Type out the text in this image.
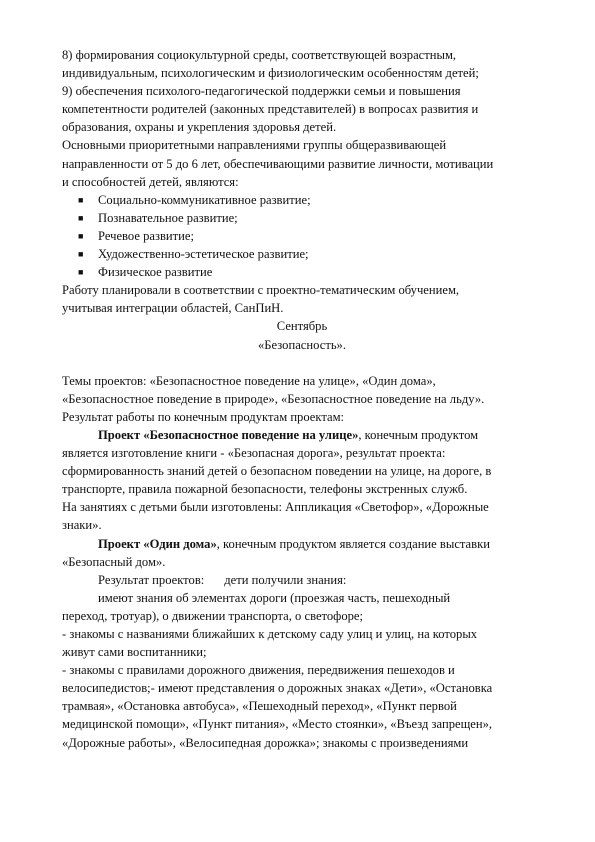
8) формирования социокультурной среды, соответствующей возрастным,
индивидуальным, психологическим и физиологическим особенностям детей;
9) обеспечения психолого-педагогической поддержки семьи и повышения
компетентности родителей (законных представителей) в вопросах развития и
образования, охраны и укрепления здоровья детей.
Основными приоритетными направлениями группы общеразвивающей
направленности от 5 до 6 лет, обеспечивающими развитие личности, мотивации
и способностей детей, являются:
■ Социально-коммуникативное развитие;
■ Познавательное развитие;
■ Речевое развитие;
■ Художественно-эстетическое развитие;
■ Физическое развитие
Работу планировали в соответствии с проектно-тематическим обучением,
учитывая интеграции областей, СанПиН.
Сентябрь
«Безопасность».
Темы проектов: «Безопасностное поведение на улице», «Один дома»,
«Безопасностное поведение в природе», «Безопасностное поведение на льду».
Результат работы по конечным продуктам проектам:
Проект «Безопасностное поведение на улице», конечным продуктом
является изготовление книги - «Безопасная дорога», результат проекта:
сформированность знаний детей о безопасном поведении на улице, на дороге, в
транспорте, правила пожарной безопасности, телефоны экстренных служб.
На занятиях с детьми были изготовлены: Аппликация «Светофор», «Дорожные
знаки».
Проект «Один дома», конечным продуктом является создание выставки
«Безопасный дом».
Результат проектов: дети получили знания:
имеют знания об элементах дороги (проезжая часть, пешеходный
переход, тротуар), о движении транспорта, о светофоре;
- знакомы с названиями ближайших к детскому саду улиц и улиц, на которых
живут сами воспитанники;
- знакомы с правилами дорожного движения, передвижения пешеходов и
велосипедистов;- имеют представления о дорожных знаках «Дети», «Остановка
трамвая», «Остановка автобуса», «Пешеходный переход», «Пункт первой
медицинской помощи», «Пункт питания», «Место стоянки», «Въезд запрещен»,
«Дорожные работы», «Велосипедная дорожка»; знакомы с произведениями
